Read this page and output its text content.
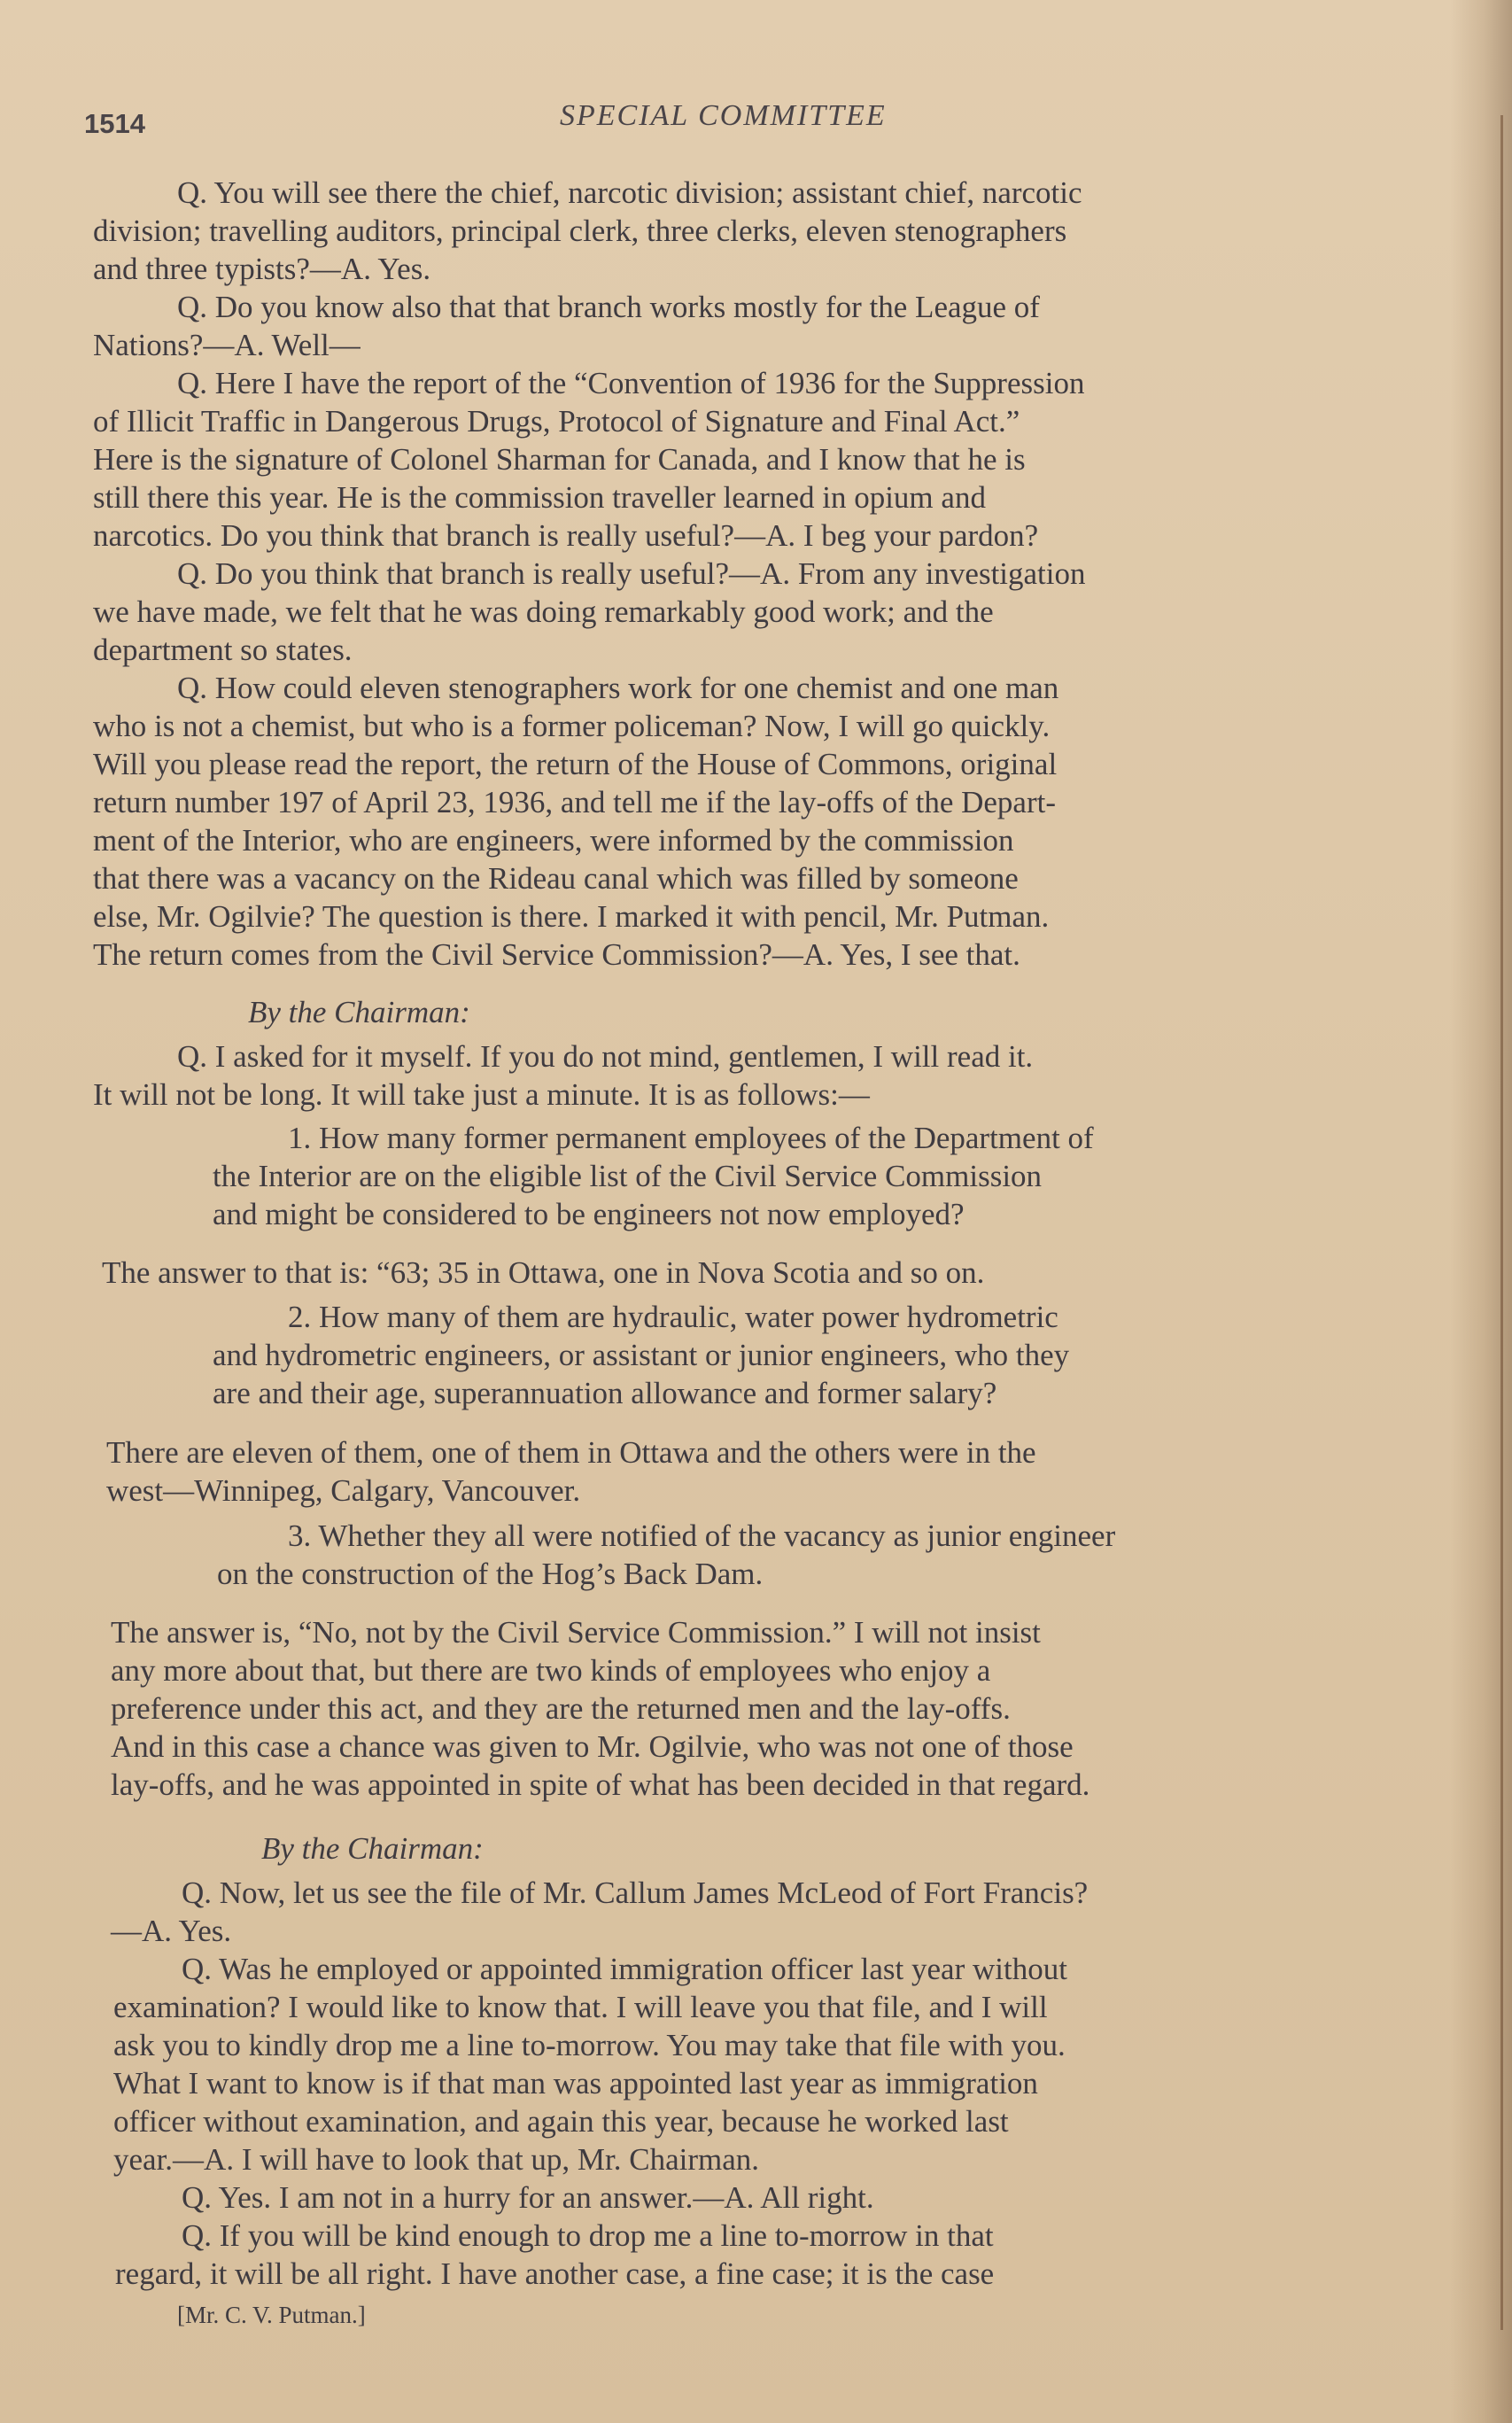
1514	SPECIAL COMMITTEE
Q. You will see there the chief, narcotic division; assistant chief, narcotic
division; travelling auditors, principal clerk, three clerks, eleven stenographers
and three typists?—A. Yes.
Q. Do you know also that that branch works mostly for the League of
Nations?—A. Well—
Q. Here I have the report of the “Convention of 1936 for the Suppression
of Illicit Traffic in Dangerous Drugs, Protocol of Signature and Final Act.”
Here is the signature of Colonel Sharman for Canada, and I know that he is
still there this year. He is the commission traveller learned in opium and
narcotics. Do you think that branch is really useful?—A. I beg your pardon?
Q. Do you think that branch is really useful?—A. From any investigation
we have made, we felt that he was doing remarkably good work; and the
department so states.
Q. How could eleven stenographers work for one chemist and one man
who is not a chemist, but who is a former policeman? Now, I will go quickly.
Will you please read the report, the return of the House of Commons, original
return number 197 of April 23, 1936, and tell me if the lay-offs of the Depart-
ment of the Interior, who are engineers, were informed by the commission
that there was a vacancy on the Rideau canal which was filled by someone
else, Mr. Ogilvie? The question is there. I marked it with pencil, Mr. Putman.
The return comes from the Civil Service Commission?—A. Yes, I see that.
By the Chairman:
Q. I asked for it myself. If you do not mind, gentlemen, I will read it.
It will not be long. It will take just a minute. It is as follows:—
1. How many former permanent employees of the Department of
the Interior are on the eligible list of the Civil Service Commission
and might be considered to be engineers not now employed?
The answer to that is: “63; 35 in Ottawa, one in Nova Scotia and so on.
2. How many of them are hydraulic, water power hydrometric
and hydrometric engineers, or assistant or junior engineers, who they
are and their age, superannuation allowance and former salary?
There are eleven of them, one of them in Ottawa and the others were in the
west—Winnipeg, Calgary, Vancouver.
3. Whether they all were notified of the vacancy as junior engineer
on the construction of the Hog’s Back Dam.
The answer is, “No, not by the Civil Service Commission.” I will not insist
any more about that, but there are two kinds of employees who enjoy a
preference under this act, and they are the returned men and the lay-offs.
And in this case a chance was given to Mr. Ogilvie, who was not one of those
lay-offs, and he was appointed in spite of what has been decided in that regard.
By the Chairman:
Q. Now, let us see the file of Mr. Callum James McLeod of Fort Francis?
—A. Yes.
Q. Was he employed or appointed immigration officer last year without
examination? I would like to know that. I will leave you that file, and I will
ask you to kindly drop me a line to-morrow. You may take that file with you.
What I want to know is if that man was appointed last year as immigration
officer without examination, and again this year, because he worked last
year.—A. I will have to look that up, Mr. Chairman.
Q. Yes. I am not in a hurry for an answer.—A. All right.
Q. If you will be kind enough to drop me a line to-morrow in that
regard, it will be all right. I have another case, a fine case; it is the case
[Mr. C. V. Putman.]
